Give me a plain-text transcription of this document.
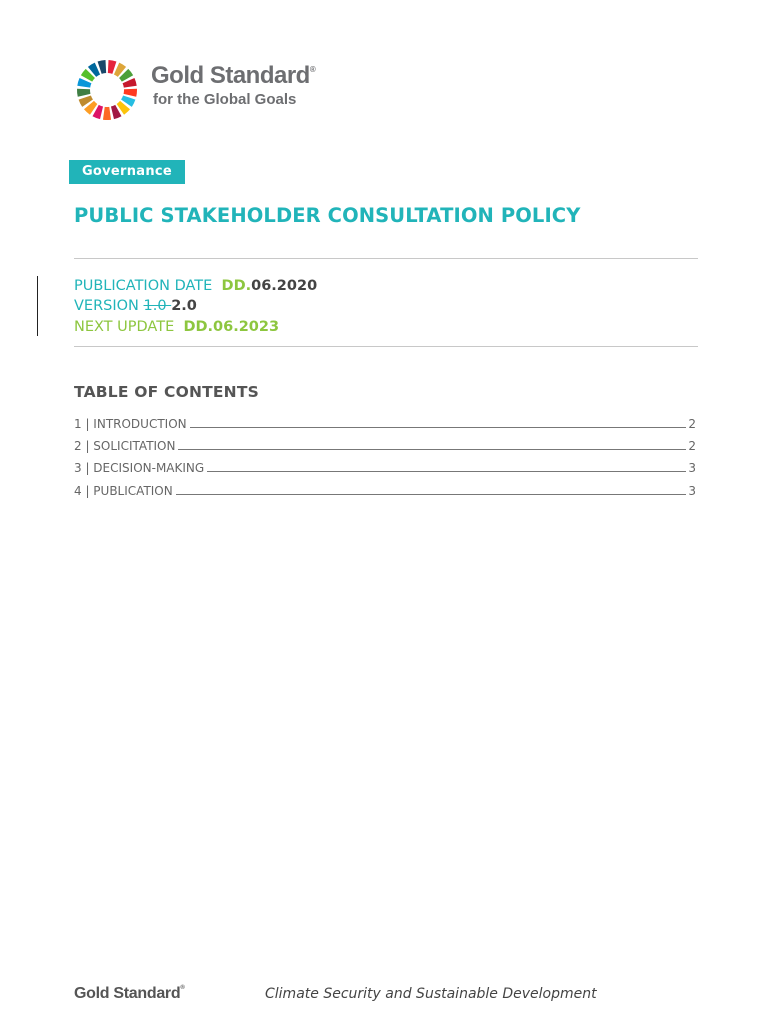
Gold Standard®
for the Global Goals
Governance
PUBLIC STAKEHOLDER CONSULTATION POLICY
PUBLICATION DATE DD.06.2020
VERSION 1.0 2.0
NEXT UPDATE DD.06.2023
TABLE OF CONTENTS
1 | INTRODUCTION	2
2 | SOLICITATION	2
3 | DECISION-MAKING	3
4 | PUBLICATION	3
Gold Standard®	Climate Security and Sustainable Development
